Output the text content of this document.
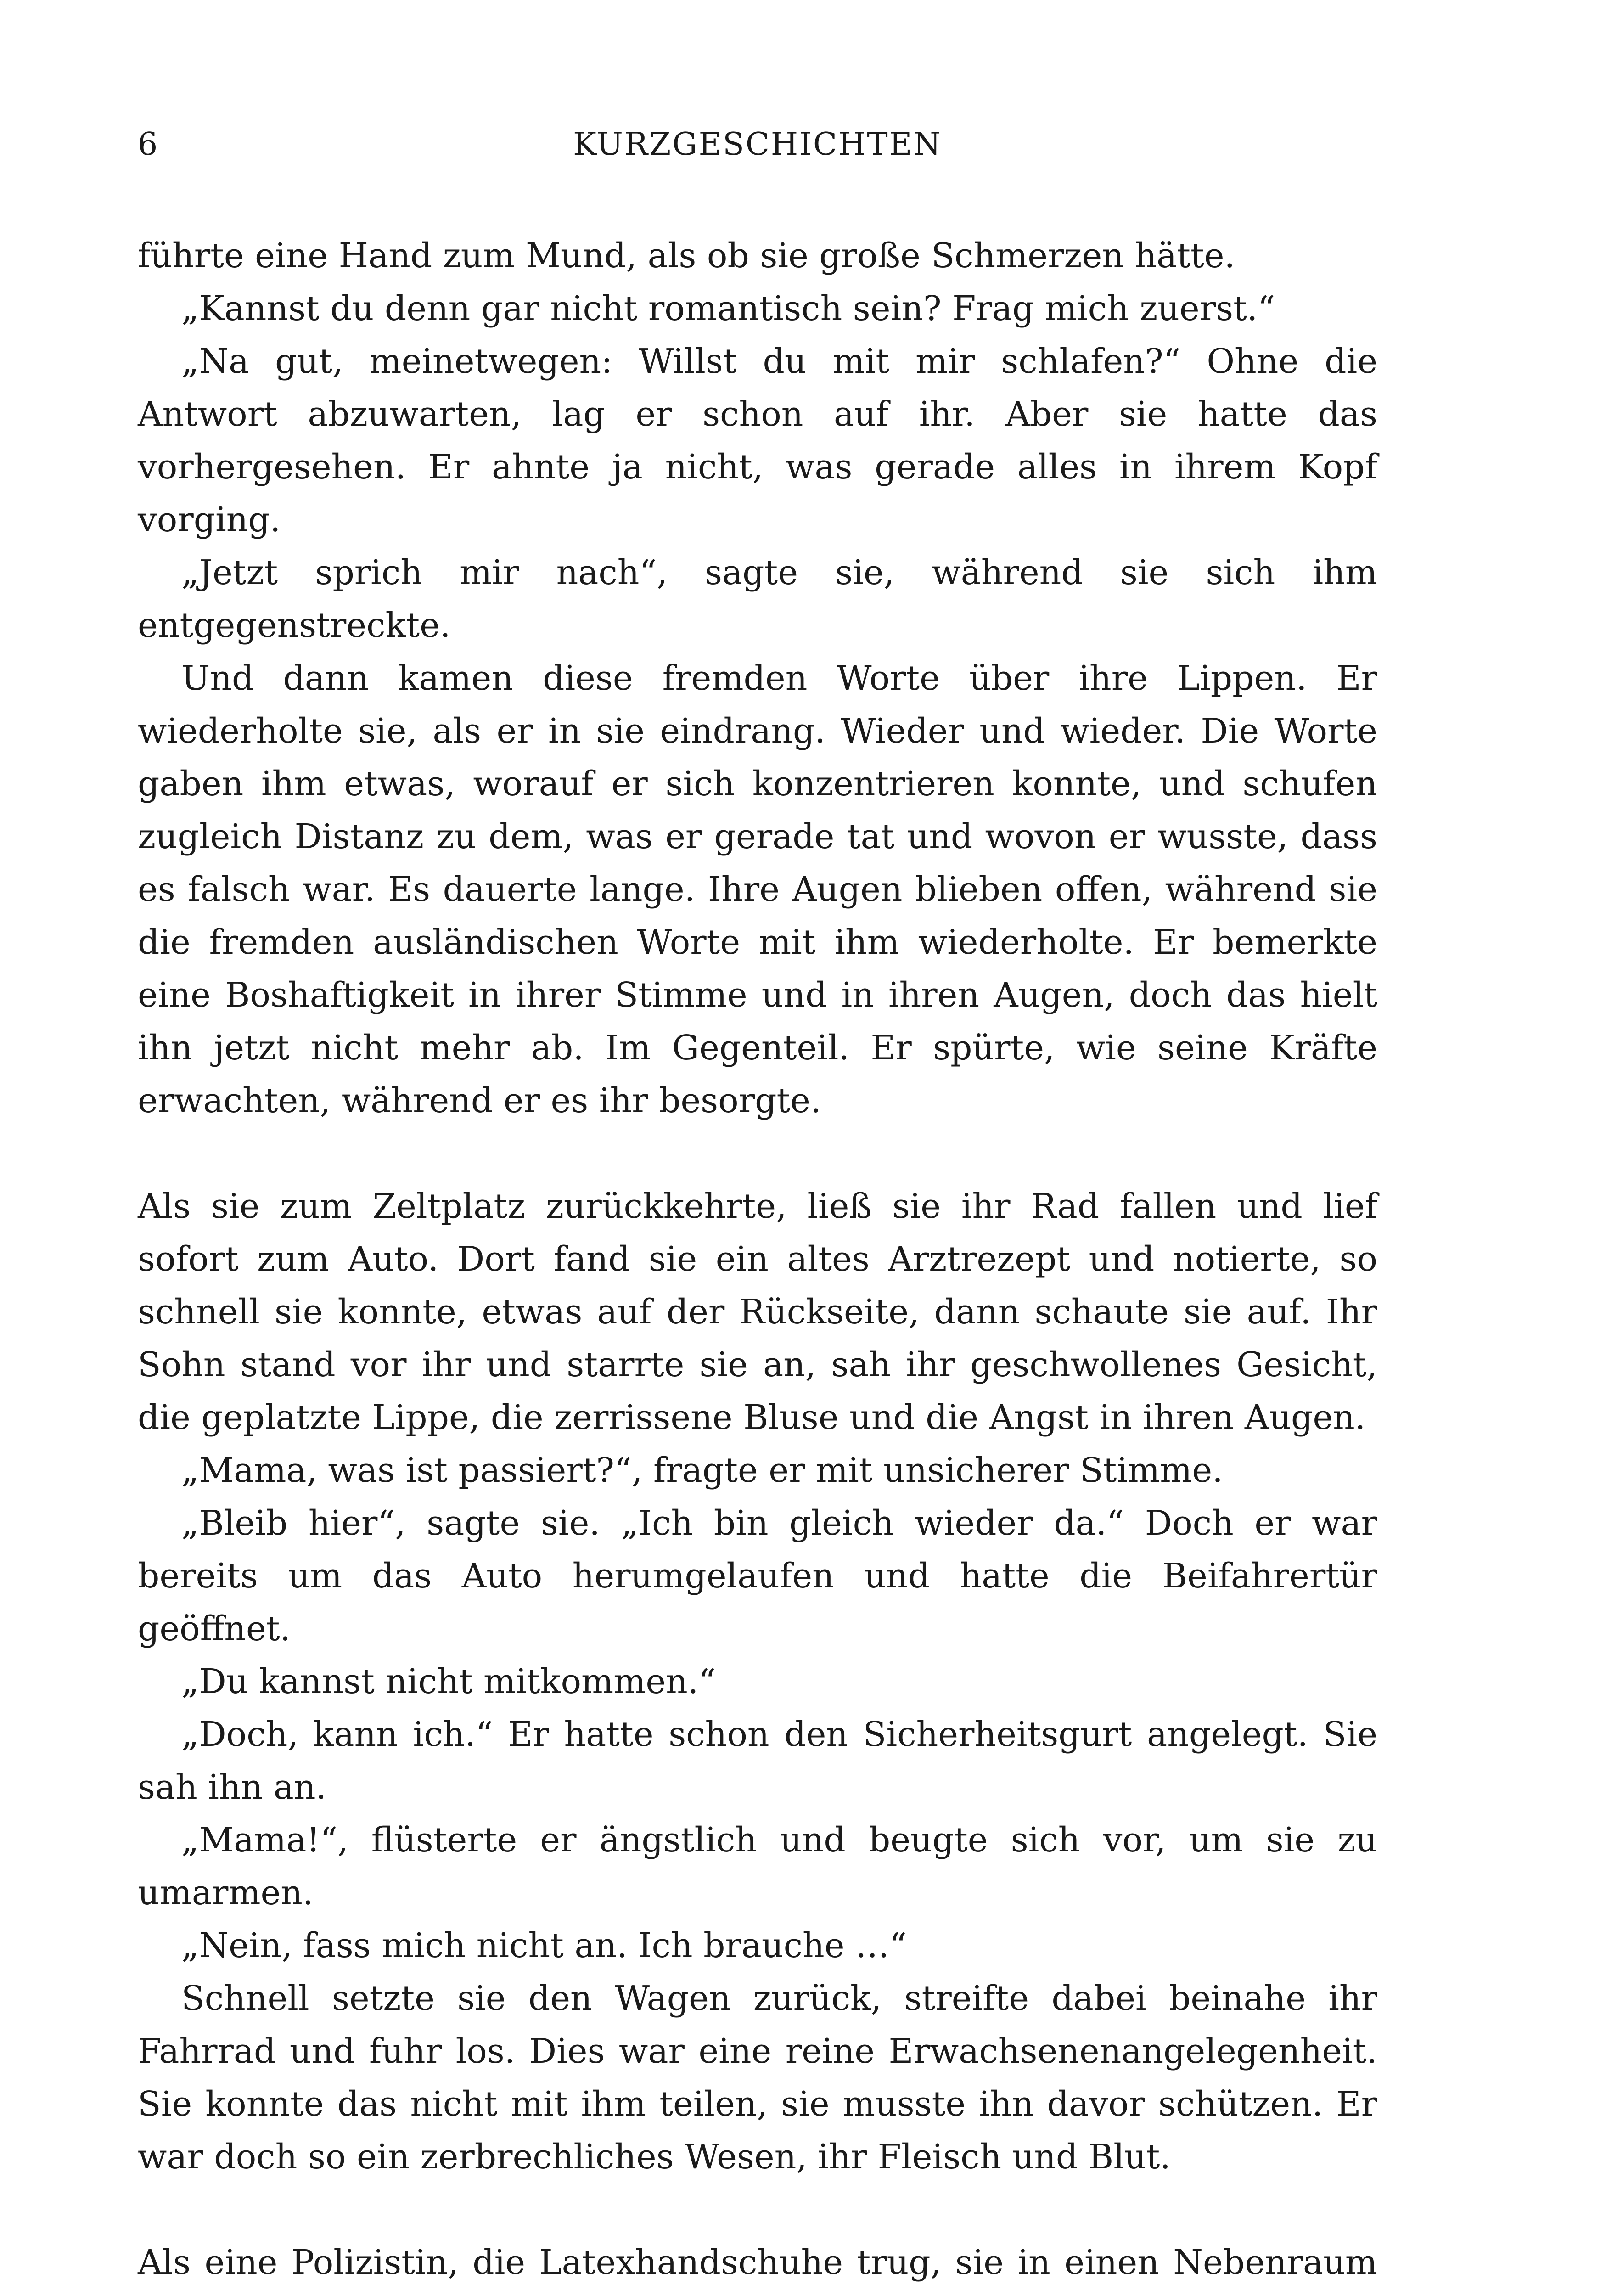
6	KURZGESCHICHTEN

führte eine Hand zum Mund, als ob sie große Schmerzen hätte.

„Kannst du denn gar nicht romantisch sein? Frag mich zuerst.“

„Na gut, meinetwegen: Willst du mit mir schlafen?“ Ohne die Antwort abzuwarten, lag er schon auf ihr. Aber sie hatte das vorhergesehen. Er ahnte ja nicht, was gerade alles in ihrem Kopf vorging.

„Jetzt sprich mir nach“, sagte sie, während sie sich ihm entgegenstreckte.

Und dann kamen diese fremden Worte über ihre Lippen. Er wiederholte sie, als er in sie eindrang. Wieder und wieder. Die Worte gaben ihm etwas, worauf er sich konzentrieren konnte, und schufen zugleich Distanz zu dem, was er gerade tat und wovon er wusste, dass es falsch war. Es dauerte lange. Ihre Augen blieben offen, während sie die fremden ausländischen Worte mit ihm wiederholte. Er bemerkte eine Boshaftigkeit in ihrer Stimme und in ihren Augen, doch das hielt ihn jetzt nicht mehr ab. Im Gegenteil. Er spürte, wie seine Kräfte erwachten, während er es ihr besorgte.

Als sie zum Zeltplatz zurückkehrte, ließ sie ihr Rad fallen und lief sofort zum Auto. Dort fand sie ein altes Arztrezept und notierte, so schnell sie konnte, etwas auf der Rückseite, dann schaute sie auf. Ihr Sohn stand vor ihr und starrte sie an, sah ihr geschwollenes Gesicht, die geplatzte Lippe, die zerrissene Bluse und die Angst in ihren Augen.

„Mama, was ist passiert?“, fragte er mit unsicherer Stimme.

„Bleib hier“, sagte sie. „Ich bin gleich wieder da.“ Doch er war bereits um das Auto herumgelaufen und hatte die Beifahrertür geöffnet.

„Du kannst nicht mitkommen.“

„Doch, kann ich.“ Er hatte schon den Sicherheitsgurt angelegt. Sie sah ihn an.

„Mama!“, flüsterte er ängstlich und beugte sich vor, um sie zu umarmen.

„Nein, fass mich nicht an. Ich brauche …“

Schnell setzte sie den Wagen zurück, streifte dabei beinahe ihr Fahrrad und fuhr los. Dies war eine reine Erwachsenenangelegenheit. Sie konnte das nicht mit ihm teilen, sie musste ihn davor schützen. Er war doch so ein zerbrechliches Wesen, ihr Fleisch und Blut.

Als eine Polizistin, die Latexhandschuhe trug, sie in einen Nebenraum
